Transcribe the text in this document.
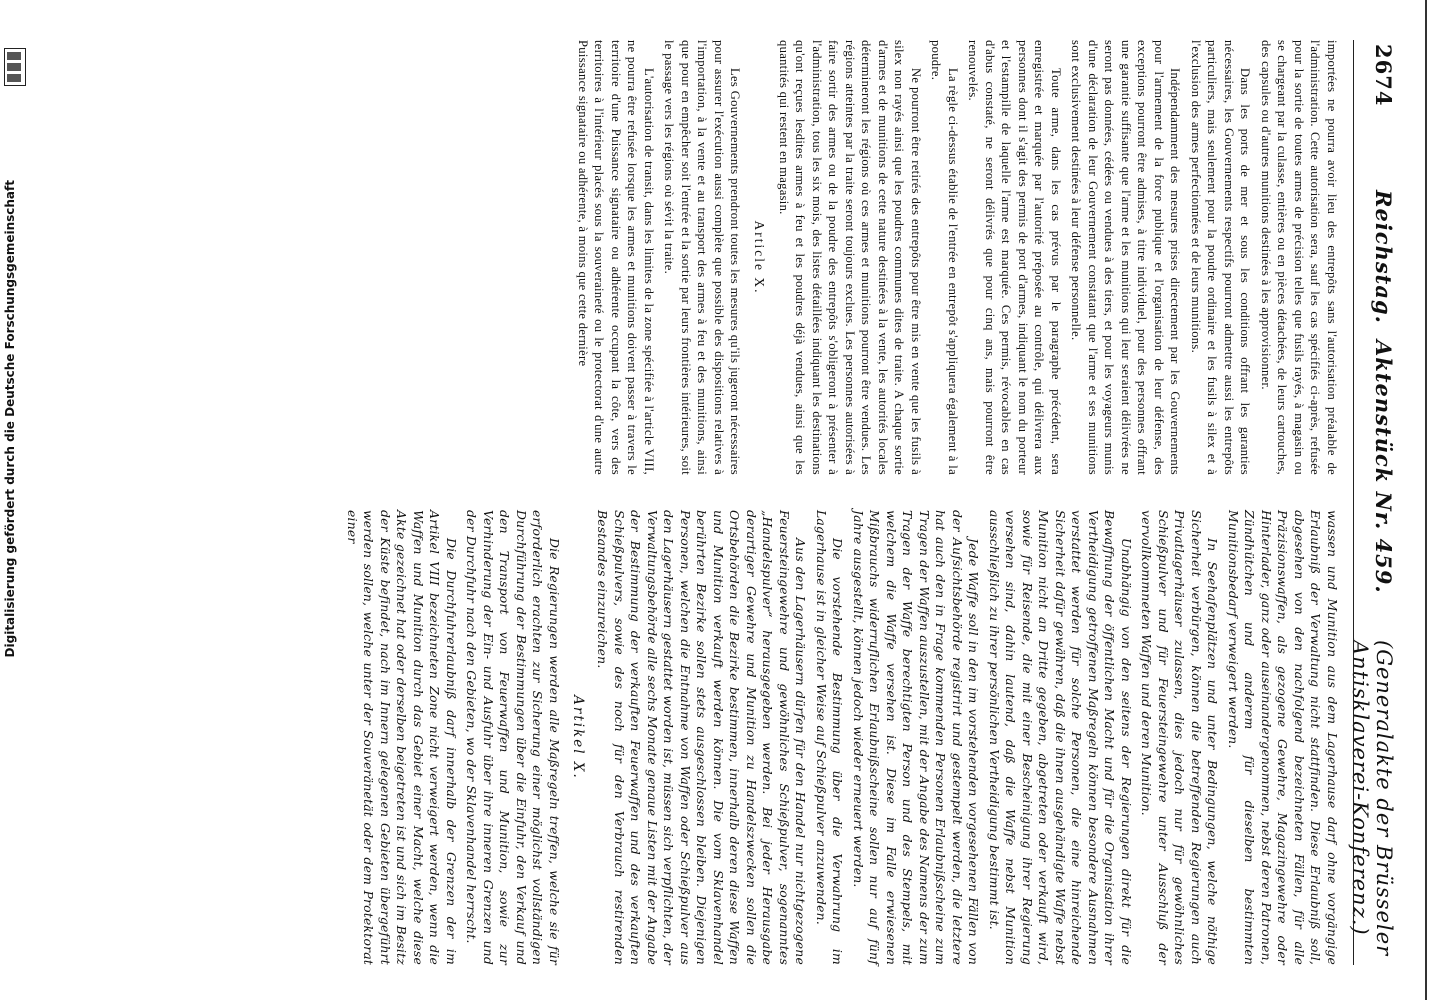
2674
Reichstag.
Aktenstück Nr. 459.
(Generalakte der Brüsseler Antisklaverei-Konferenz.)

importées ne pourra avoir lieu des entrepôts sans l'autorisation préalable de l'administration. Cette autorisation sera, sauf les cas spécifiés ci-après, refusée pour la sortie de toutes armes de précision telles que fusils rayés, à magasin ou se chargeant par la culasse, entières ou en pièces détachées, de leurs cartouches, des capsules ou d'autres munitions destinées à les approvisionner.

Dans les ports de mer et sous les conditions offrant les garanties nécessaires, les Gouvernements respectifs pourront admettre aussi les entrepôts particuliers, mais seulement pour la poudre ordinaire et les fusils à silex et à l'exclusion des armes perfectionnées et de leurs munitions.

Indépendamment des mesures prises directement par les Gouvernements pour l'armement de la force publique et l'organisation de leur défense, des exceptions pourront être admises, à titre individuel, pour des personnes offrant une garantie suffisante que l'arme et les munitions qui leur seraient délivrées ne seront pas données, cédées ou vendues à des tiers, et pour les voyageurs munis d'une déclaration de leur Gouvernement constatant que l'arme et ses munitions sont exclusivement destinées à leur défense personnelle.

Toute arme, dans les cas prévus par le paragraphe précédent, sera enregistrée et marquée par l'autorité préposée au contrôle, qui délivrera aux personnes dont il s'agit des permis de port d'armes, indiquant le nom du porteur et l'estampille de laquelle l'arme est marquée. Ces permis, révocables en cas d'abus constaté, ne seront délivrés que pour cinq ans, mais pourront être renouvelés.

La règle ci-dessus établie de l'entrée en entrepôt s'appliquera également à la poudre.

Ne pourront être retirés des entrepôts pour être mis en vente que les fusils à silex non rayés ainsi que les poudres communes dites de traite. A chaque sortie d'armes et de munitions de cette nature destinées à la vente, les autorités locales détermineront les régions où ces armes et munitions pourront être vendues. Les régions atteintes par la traite seront toujours exclues. Les personnes autorisées à faire sortir des armes ou de la poudre des entrepôts s'obligeront à présenter à l'administration, tous les six mois, des listes détaillées indiquant les destinations qu'ont reçues lesdites armes à feu et les poudres déjà vendues, ainsi que les quantités qui restent en magasin.

Article X.

Les Gouvernements prendront toutes les mesures qu'ils jugeront nécessaires pour assurer l'exécution aussi complète que possible des dispositions relatives à l'importation, à la vente et au transport des armes à feu et des munitions, ainsi que pour en empêcher soit l'entrée et la sortie par leurs frontières intérieures, soit le passage vers les régions où sévit la traite.

L'autorisation de transit, dans les limites de la zone spécifiée à l'article VIII, ne pourra être refusée lorsque les armes et munitions doivent passer à travers le territoire d'une Puissance signataire ou adhérente occupant la côte, vers des territoires à l'intérieur placés sous la souveraineté ou le protectorat d'une autre Puissance signataire ou adhérente, à moins que cette dernière

wassen und Munition aus dem Lagerhause darf ohne vorgängige Erlaubniß der Verwaltung nicht stattfinden. Diese Erlaubniß soll, abgesehen von den nachfolgend bezeichneten Fällen, für alle Präzisionswaffen, als gezogene Gewehre, Magazingewehre oder Hinterlader, ganz oder auseinandergenommen, nebst deren Patronen, Zündhütchen und anderem für dieselben bestimmten Munitionsbedarf verweigert werden.

In Seehafenplätzen und unter Bedingungen, welche nöthige Sicherheit verbürgen, können die betreffenden Regierungen auch Privatlagerhäuser zulassen, dies jedoch nur für gewöhnliches Schießpulver und für Feuersteingewehre unter Ausschluß der vervollkommneten Waffen und deren Munition.

Unabhängig von den seitens der Regierungen direkt für die Bewaffnung der öffentlichen Macht und für die Organisation ihrer Vertheidigung getroffenen Maßregeln können besondere Ausnahmen verstattet werden für solche Personen, die eine hinreichende Sicherheit dafür gewähren, daß die ihnen ausgehändigte Waffe nebst Munition nicht an Dritte gegeben, abgetreten oder verkauft wird, sowie für Reisende, die mit einer Bescheinigung ihrer Regierung versehen sind, dahin lautend, daß die Waffe nebst Munition ausschließlich zu ihrer persönlichen Vertheidigung bestimmt ist.

Jede Waffe soll in den im vorstehenden vorgesehenen Fällen von der Aufsichtsbehörde registrirt und gestempelt werden, die letztere hat auch den in Frage kommenden Personen Erlaubnißscheine zum Tragen der Waffen auszustellen, mit der Angabe des Namens der zum Tragen der Waffe berechtigten Person und des Stempels, mit welchem die Waffe versehen ist. Diese im Falle erwiesenen Mißbrauchs widerruflichen Erlaubnißscheine sollen nur auf fünf Jahre ausgestellt, können jedoch wieder erneuert werden.

Die vorstehende Bestimmung über die Verwahrung im Lagerhause ist in gleicher Weise auf Schießpulver anzuwenden.

Aus den Lagerhäusern dürfen für den Handel nur nichtgezogene Feuersteingewehre und gewöhnliches Schießpulver, sogenanntes „Handelspulver“ herausgegeben werden. Bei jeder Herausgabe derartiger Gewehre und Munition zu Handelszwecken sollen die Ortsbehörden die Bezirke bestimmen, innerhalb deren diese Waffen und Munition verkauft werden können. Die vom Sklavenhandel berührten Bezirke sollen stets ausgeschlossen bleiben. Diejenigen Personen, welchen die Entnahme von Waffen oder Schießpulver aus den Lagerhäusern gestattet worden ist, müssen sich verpflichten, der Verwaltungsbehörde alle sechs Monate genaue Listen mit der Angabe der Bestimmung der verkauften Feuerwaffen und des verkauften Schießpulvers, sowie des noch für den Verbrauch restirenden Bestandes einzureichen.

Artikel X.

Die Regierungen werden alle Maßregeln treffen, welche sie für erforderlich erachten zur Sicherung einer möglichst vollständigen Durchführung der Bestimmungen über die Einfuhr, den Verkauf und den Transport von Feuerwaffen und Munition, sowie zur Verhinderung der Ein- und Ausfuhr über ihre inneren Grenzen und der Durchfuhr nach den Gebieten, wo der Sklavenhandel herrscht.

Die Durchfuhrerlaubniß darf innerhalb der Grenzen der im Artikel VIII bezeichneten Zone nicht verweigert werden, wenn die Waffen und Munition durch das Gebiet einer Macht, welche diese Akte gezeichnet hat oder derselben beigetreten ist und sich im Besitz der Küste befindet, nach im Innern gelegenen Gebieten übergeführt werden sollen, welche unter der Souveränetät oder dem Protektorat einer

Digitalisierung gefördert durch die Deutsche Forschungsgemeinschaft
